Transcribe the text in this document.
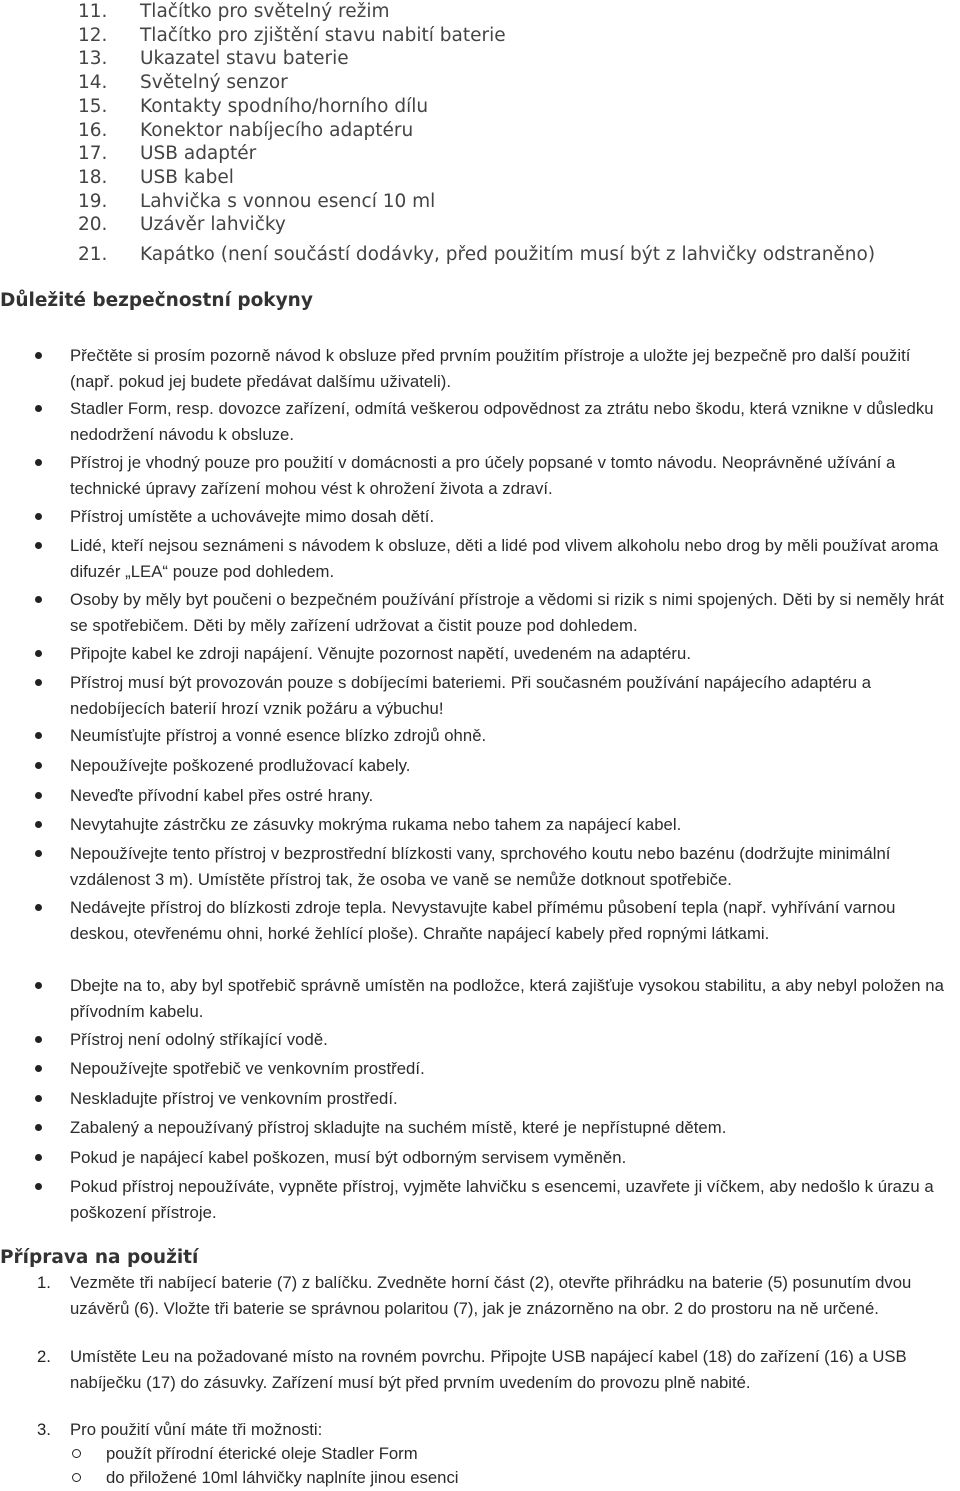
11. Tlačítko pro světelný režim
12. Tlačítko pro zjištění stavu nabití baterie
13. Ukazatel stavu baterie
14. Světelný senzor
15. Kontakty spodního/horního dílu
16. Konektor nabíjecího adaptéru
17. USB adaptér
18. USB kabel
19. Lahvička s vonnou esencí 10 ml
20. Uzávěr lahvičky
21. Kapátko (není součástí dodávky, před použitím musí být z lahvičky odstraněno)
Důležité bezpečnostní pokyny
Přečtěte si prosím pozorně návod k obsluze před prvním použitím přístroje a uložte jej bezpečně pro další použití (např. pokud jej budete předávat dalšímu uživateli).
Stadler Form, resp. dovozce zařízení, odmítá veškerou odpovědnost za ztrátu nebo škodu, která vznikne v důsledku nedodržení návodu k obsluze.
Přístroj je vhodný pouze pro použití v domácnosti a pro účely popsané v tomto návodu. Neoprávněné užívání a technické úpravy zařízení mohou vést k ohrožení života a zdraví.
Přístroj umístěte a uchovávejte mimo dosah dětí.
Lidé, kteří nejsou seznámeni s návodem k obsluze, děti a lidé pod vlivem alkoholu nebo drog by měli používat aroma difuzér „LEA“ pouze pod dohledem.
Osoby by měly byt poučeni o bezpečném používání přístroje a vědomi si rizik s nimi spojených. Děti by si neměly hrát se spotřebičem. Děti by měly zařízení udržovat a čistit pouze pod dohledem.
Připojte kabel ke zdroji napájení. Věnujte pozornost napětí, uvedeném na adaptéru.
Přístroj musí být provozován pouze s dobíjecími bateriemi. Při současném používání napájecího adaptéru a nedobíjecích baterií hrozí vznik požáru a výbuchu!
Neumísťujte přístroj a vonné esence blízko zdrojů ohně.
Nepoužívejte poškozené prodlužovací kabely.
Neveďte přívodní kabel přes ostré hrany.
Nevytahujte zástrčku ze zásuvky mokrýma rukama nebo tahem za napájecí kabel.
Nepoužívejte tento přístroj v bezprostřední blízkosti vany, sprchového koutu nebo bazénu (dodržujte minimální vzdálenost 3 m). Umístěte přístroj tak, že osoba ve vaně se nemůže dotknout spotřebiče.
Nedávejte přístroj do blízkosti zdroje tepla. Nevystavujte kabel přímému působení tepla (např. vyhřívání varnou deskou, otevřenému ohni, horké žehlící ploše). Chraňte napájecí kabely před ropnými látkami.
Dbejte na to, aby byl spotřebič správně umístěn na podložce, která zajišťuje vysokou stabilitu, a aby nebyl položen na přívodním kabelu.
Přístroj není odolný stříkající vodě.
Nepoužívejte spotřebič ve venkovním prostředí.
Neskladujte přístroj ve venkovním prostředí.
Zabalený a nepoužívaný přístroj skladujte na suchém místě, které je nepřístupné dětem.
Pokud je napájecí kabel poškozen, musí být odborným servisem vyměněn.
Pokud přístroj nepoužíváte, vypněte přístroj, vyjměte lahvičku s esencemi, uzavřete ji víčkem, aby nedošlo k úrazu a poškození přístroje.
Příprava na použití
1. Vezměte tři nabíjecí baterie (7) z balíčku. Zvedněte horní část (2), otevřte přihrádku na baterie (5) posunutím dvou uzávěrů (6). Vložte tři baterie se správnou polaritou (7), jak je znázorněno na obr. 2 do prostoru na ně určené.
2. Umístěte Leu na požadované místo na rovném povrchu. Připojte USB napájecí kabel (18) do zařízení (16) a USB nabíječku (17) do zásuvky. Zařízení musí být před prvním uvedením do provozu plně nabité.
3. Pro použití vůní máte tři možnosti:
použít přírodní éterické oleje Stadler Form
do přiložené 10ml láhvičky naplníte jinou esenci
